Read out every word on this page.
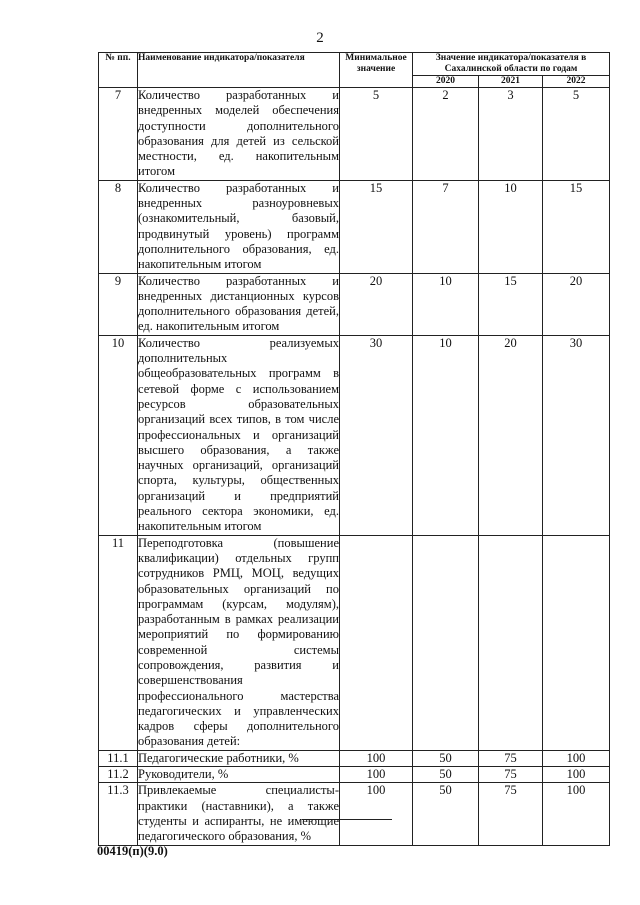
2
№ пп.	Наименование индикатора/показателя	Минимальное значение	Значение индикатора/показателя в Сахалинской области по годам		
			2020	2021	2022
7	Количество разработанных и внедренных моделей обеспечения доступности дополнительного образования для детей из сельской местности, ед. накопительным итогом	5	2	3	5
8	Количество разработанных и внедренных разноуровневых (ознакомительный, базовый, продвинутый уровень) программ дополнительного образования, ед. накопительным итогом	15	7	10	15
9	Количество разработанных и внедренных дистанционных курсов дополнительного образования детей, ед. накопительным итогом	20	10	15	20
10	Количество реализуемых дополнительных общеобразовательных программ в сетевой форме с использованием ресурсов образовательных организаций всех типов, в том числе профессиональных и организаций высшего образования, а также научных организаций, организаций спорта, культуры, общественных организаций и предприятий реального сектора экономики, ед. накопительным итогом	30	10	20	30
11	Переподготовка (повышение квалификации) отдельных групп сотрудников РМЦ, МОЦ, ведущих образовательных организаций по программам (курсам, модулям), разработанным в рамках реализации мероприятий по формированию современной системы сопровождения, развития и совершенствования профессионального мастерства педагогических и управленческих кадров сферы дополнительного образования детей:				
11.1	Педагогические работники, %	100	50	75	100
11.2	Руководители, %	100	50	75	100
11.3	Привлекаемые специалисты-практики (наставники), а также студенты и аспиранты, не имеющие педагогического образования, %	100	50	75	100
00419(п)(9.0)
